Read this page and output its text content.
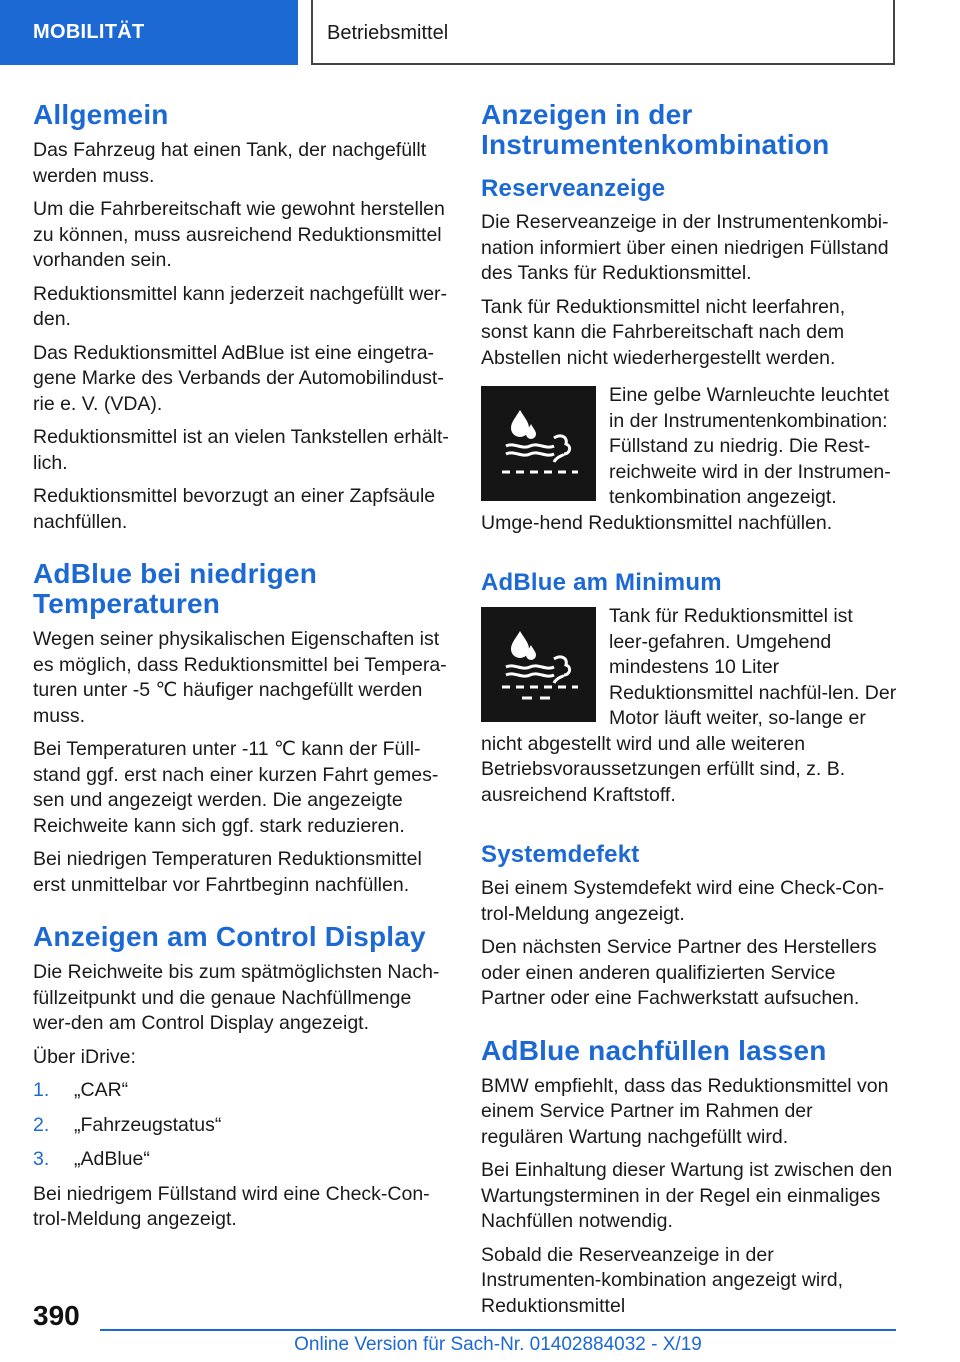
MOBILITÄT	Betriebsmittel
Allgemein

Das Fahrzeug hat einen Tank, der nachgefüllt werden muss.

Um die Fahrbereitschaft wie gewohnt herstellen zu können, muss ausreichend Reduktionsmittel vorhanden sein.

Reduktionsmittel kann jederzeit nachgefüllt wer-den.

Das Reduktionsmittel AdBlue ist eine eingetra-gene Marke des Verbands der Automobilindust-rie e. V. (VDA).

Reduktionsmittel ist an vielen Tankstellen erhält-lich.

Reduktionsmittel bevorzugt an einer Zapfsäule nachfüllen.

AdBlue bei niedrigen Temperaturen

Wegen seiner physikalischen Eigenschaften ist es möglich, dass Reduktionsmittel bei Tempera-turen unter -5 ℃ häufiger nachgefüllt werden muss.

Bei Temperaturen unter -11 ℃ kann der Füll-stand ggf. erst nach einer kurzen Fahrt gemes-sen und angezeigt werden. Die angezeigte Reichweite kann sich ggf. stark reduzieren.

Bei niedrigen Temperaturen Reduktionsmittel erst unmittelbar vor Fahrtbeginn nachfüllen.

Anzeigen am Control Display

Die Reichweite bis zum spätmöglichsten Nach-füllzeitpunkt und die genaue Nachfüllmenge wer-den am Control Display angezeigt.

Über iDrive:

1.	„CAR“
2.	„Fahrzeugstatus“
3.	„AdBlue“

Bei niedrigem Füllstand wird eine Check-Con-trol-Meldung angezeigt.

Anzeigen in der Instrumentenkombination
Reserveanzeige

Die Reserveanzeige in der Instrumentenkombi-nation informiert über einen niedrigen Füllstand des Tanks für Reduktionsmittel.

Tank für Reduktionsmittel nicht leerfahren, sonst kann die Fahrbereitschaft nach dem Abstellen nicht wiederhergestellt werden.

Eine gelbe Warnleuchte leuchtet in der Instrumentenkombination: Füllstand zu niedrig. Die Rest-reichweite wird in der Instrumen-tenkombination angezeigt. Umge-hend Reduktionsmittel nachfüllen.

AdBlue am Minimum

Tank für Reduktionsmittel ist leer-gefahren. Umgehend mindestens 10 Liter Reduktionsmittel nachfül-len. Der Motor läuft weiter, so-lange er nicht abgestellt wird und alle weiteren Betriebsvoraussetzungen erfüllt sind, z. B. ausreichend Kraftstoff.

Systemdefekt

Bei einem Systemdefekt wird eine Check-Con-trol-Meldung angezeigt.

Den nächsten Service Partner des Herstellers oder einen anderen qualifizierten Service Partner oder eine Fachwerkstatt aufsuchen.

AdBlue nachfüllen lassen

BMW empfiehlt, dass das Reduktionsmittel von einem Service Partner im Rahmen der regulären Wartung nachgefüllt wird.

Bei Einhaltung dieser Wartung ist zwischen den Wartungsterminen in der Regel ein einmaliges Nachfüllen notwendig.

Sobald die Reserveanzeige in der Instrumenten-kombination angezeigt wird, Reduktionsmittel

390
Online Version für Sach-Nr. 01402884032 - X/19
